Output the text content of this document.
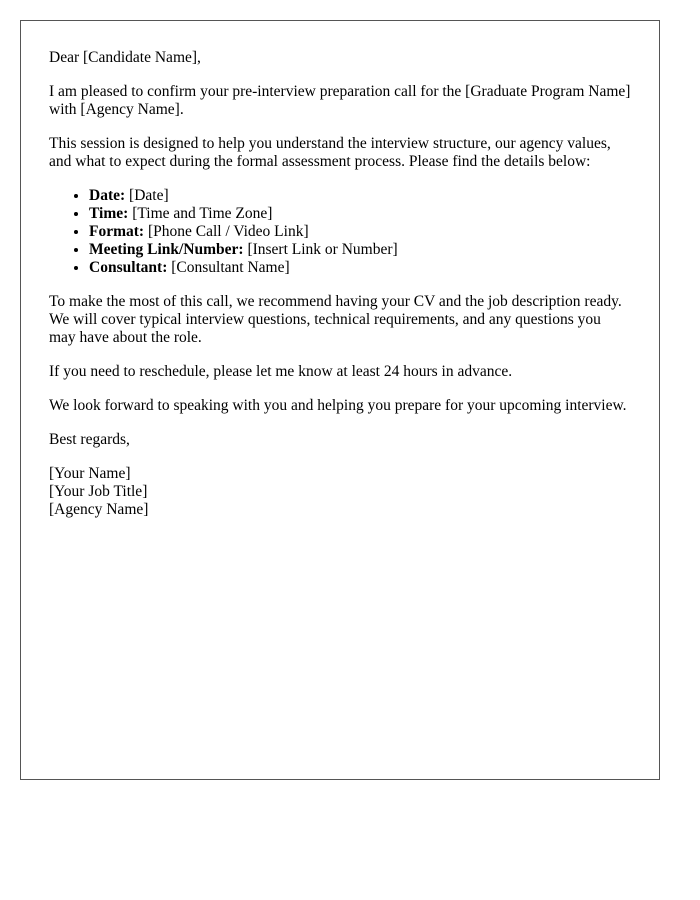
Dear [Candidate Name],

I am pleased to confirm your pre-interview preparation call for the [Graduate Program Name] with [Agency Name].

This session is designed to help you understand the interview structure, our agency values, and what to expect during the formal assessment process. Please find the details below:

• Date: [Date]
• Time: [Time and Time Zone]
• Format: [Phone Call / Video Link]
• Meeting Link/Number: [Insert Link or Number]
• Consultant: [Consultant Name]

To make the most of this call, we recommend having your CV and the job description ready. We will cover typical interview questions, technical requirements, and any questions you may have about the role.

If you need to reschedule, please let me know at least 24 hours in advance.

We look forward to speaking with you and helping you prepare for your upcoming interview.

Best regards,

[Your Name]
[Your Job Title]
[Agency Name]
